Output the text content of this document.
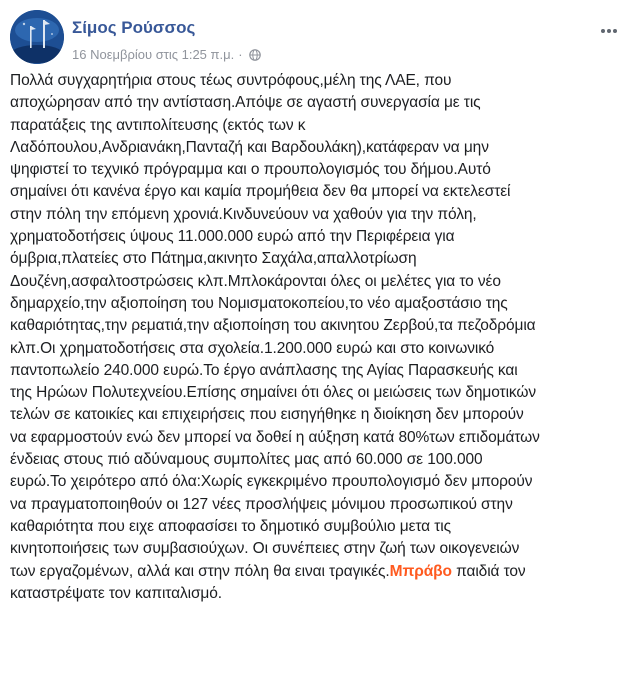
Σίμος Ρούσσος
16 Νοεμβρίου στις 1:25 π.μ. ·
Πολλά συγχαρητήρια στους τέως συντρόφους,μέλη της ΛΑΕ, που
αποχώρησαν από την αντίσταση.Απόψε σε αγαστή συνεργασία με τις
παρατάξεις της αντιπολίτευσης (εκτός των κ
Λαδόπουλου,Ανδριανάκη,Πανταζή και Βαρδουλάκη),κατάφεραν να μην
ψηφιστεί το τεχνικό πρόγραμμα και ο προυπολογισμός του δήμου.Αυτό
σημαίνει ότι κανένα έργο και καμία προμήθεια δεν θα μπορεί να εκτελεστεί
στην πόλη την επόμενη χρονιά.Κινδυνεύουν να χαθούν για την πόλη,
χρηματοδοτήσεις ύψους 11.000.000 ευρώ από την Περιφέρεια για
όμβρια,πλατείες στο Πάτημα,ακινητο Σαχάλα,απαλλοτρίωση
Δουζένη,ασφαλτοστρώσεις κλπ.Μπλοκάρονται όλες οι μελέτες για το νέο
δημαρχείο,την αξιοποίηση του Νομισματοκοπείου,το νέο αμαξοστάσιο της
καθαριότητας,την ρεματιά,την αξιοποίηση του ακινητου Ζερβού,τα πεζοδρόμια
κλπ.Οι χρηματοδοτήσεις στα σχολεία.1.200.000 ευρώ και στο κοινωνικό
παντοπωλείο 240.000 ευρώ.Το έργο ανάπλασης της Αγίας Παρασκευής και
της Ηρώων Πολυτεχνείου.Επίσης σημαίνει ότι όλες οι μειώσεις των δημοτικών
τελών σε κατοικίες και επιχειρήσεις που εισηγήθηκε η διοίκηση δεν μπορούν
να εφαρμοστούν ενώ δεν μπορεί να δοθεί η αύξηση κατά 80%των επιδομάτων
ένδειας στους πιό αδύναμους συμπολίτες μας από 60.000 σε 100.000
ευρώ.Το χειρότερο από όλα:Χωρίς εγκεκριμένο προυπολογισμό δεν μπορούν
να πραγματοποιηθούν οι 127 νέες προσλήψεις μόνιμου προσωπικού στην
καθαριότητα που ειχε αποφασίσει το δημοτικό συμβούλιο μετα τις
κινητοποιήσεις των συμβασιούχων. Οι συνέπειες στην ζωή των οικογενειών
των εργαζομένων, αλλά και στην πόλη θα ειναι τραγικές.Μπράβο παιδιά τον
καταστρέψατε τον καπιταλισμό.
